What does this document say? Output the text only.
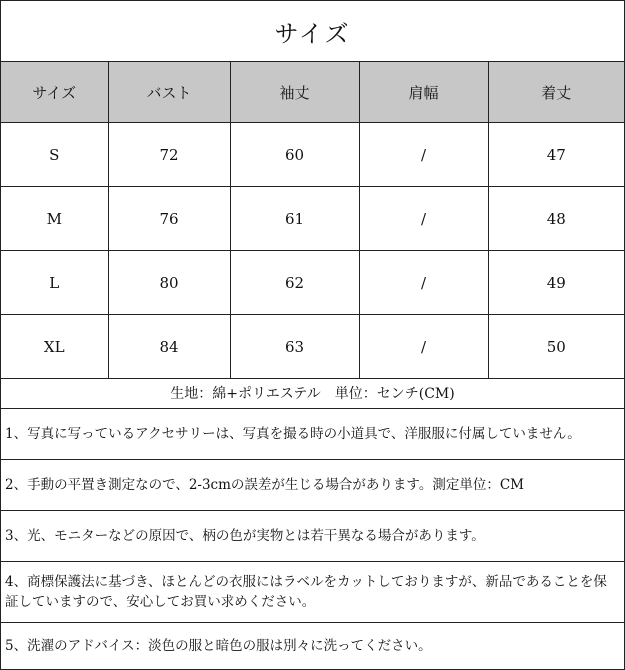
サイズ
サイズ	バスト	袖丈	肩幅	着丈
S	72	60	/	47
M	76	61	/	48
L	80	62	/	49
XL	84	63	/	50
生地：綿+ポリエステル　単位：センチ(CM)
1、写真に写っているアクセサリーは、写真を撮る時の小道具で、洋服服に付属していません。
2、手動の平置き測定なので、2-3cmの誤差が生じる場合があります。測定単位：CM
3、光、モニターなどの原因で、柄の色が実物とは若干異なる場合があります。
4、商標保護法に基づき、ほとんどの衣服にはラベルをカットしておりますが、新品であることを保証していますので、安心してお買い求めください。
5、洗濯のアドバイス：淡色の服と暗色の服は別々に洗ってください。
